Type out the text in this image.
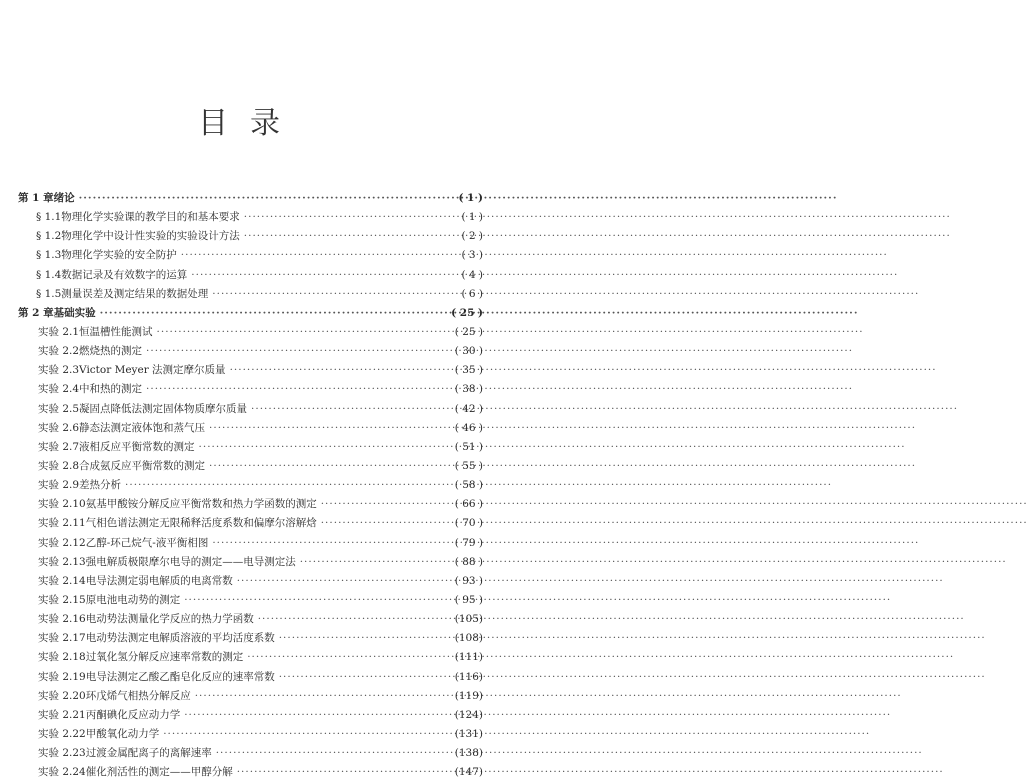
目录
第 1 章 绪论 ·····	( 1 )
§ 1.1 物理化学实验课的教学目的和基本要求 ·····	( 1 )
§ 1.2 物理化学中设计性实验的实验设计方法 ·····	( 2 )
§ 1.3 物理化学实验的安全防护 ·····	( 3 )
§ 1.4 数据记录及有效数字的运算 ·····	( 4 )
§ 1.5 测量误差及测定结果的数据处理 ·····	( 6 )
第 2 章 基础实验 ·····	( 25 )
实验 2.1 恒温槽性能测试 ·····	( 25 )
实验 2.2 燃烧热的测定 ·····	( 30 )
实验 2.3 Victor Meyer 法测定摩尔质量 ·····	( 35 )
实验 2.4 中和热的测定 ·····	( 38 )
实验 2.5 凝固点降低法测定固体物质摩尔质量 ·····	( 42 )
实验 2.6 静态法测定液体饱和蒸气压 ·····	( 46 )
实验 2.7 液相反应平衡常数的测定 ·····	( 51 )
实验 2.8 合成氨反应平衡常数的测定 ·····	( 55 )
实验 2.9 差热分析 ·····	( 58 )
实验 2.10 氨基甲酸铵分解反应平衡常数和热力学函数的测定 ·····	( 66 )
实验 2.11 气相色谱法测定无限稀释活度系数和偏摩尔溶解焓 ·····	( 70 )
实验 2.12 乙醇-环己烷气-液平衡相图 ·····	( 79 )
实验 2.13 强电解质极限摩尔电导的测定——电导测定法 ·····	( 88 )
实验 2.14 电导法测定弱电解质的电离常数 ·····	( 93 )
实验 2.15 原电池电动势的测定 ·····	( 95 )
实验 2.16 电动势法测量化学反应的热力学函数 ·····	(105)
实验 2.17 电动势法测定电解质溶液的平均活度系数 ·····	(108)
实验 2.18 过氧化氢分解反应速率常数的测定 ·····	(111)
实验 2.19 电导法测定乙酸乙酯皂化反应的速率常数 ·····	(116)
实验 2.20 环戊烯气相热分解反应 ·····	(119)
实验 2.21 丙酮碘化反应动力学 ·····	(124)
实验 2.22 甲酸氧化动力学 ·····	(131)
实验 2.23 过渡金属配离子的离解速率 ·····	(138)
实验 2.24 催化剂活性的测定——甲醇分解 ·····	(147)
